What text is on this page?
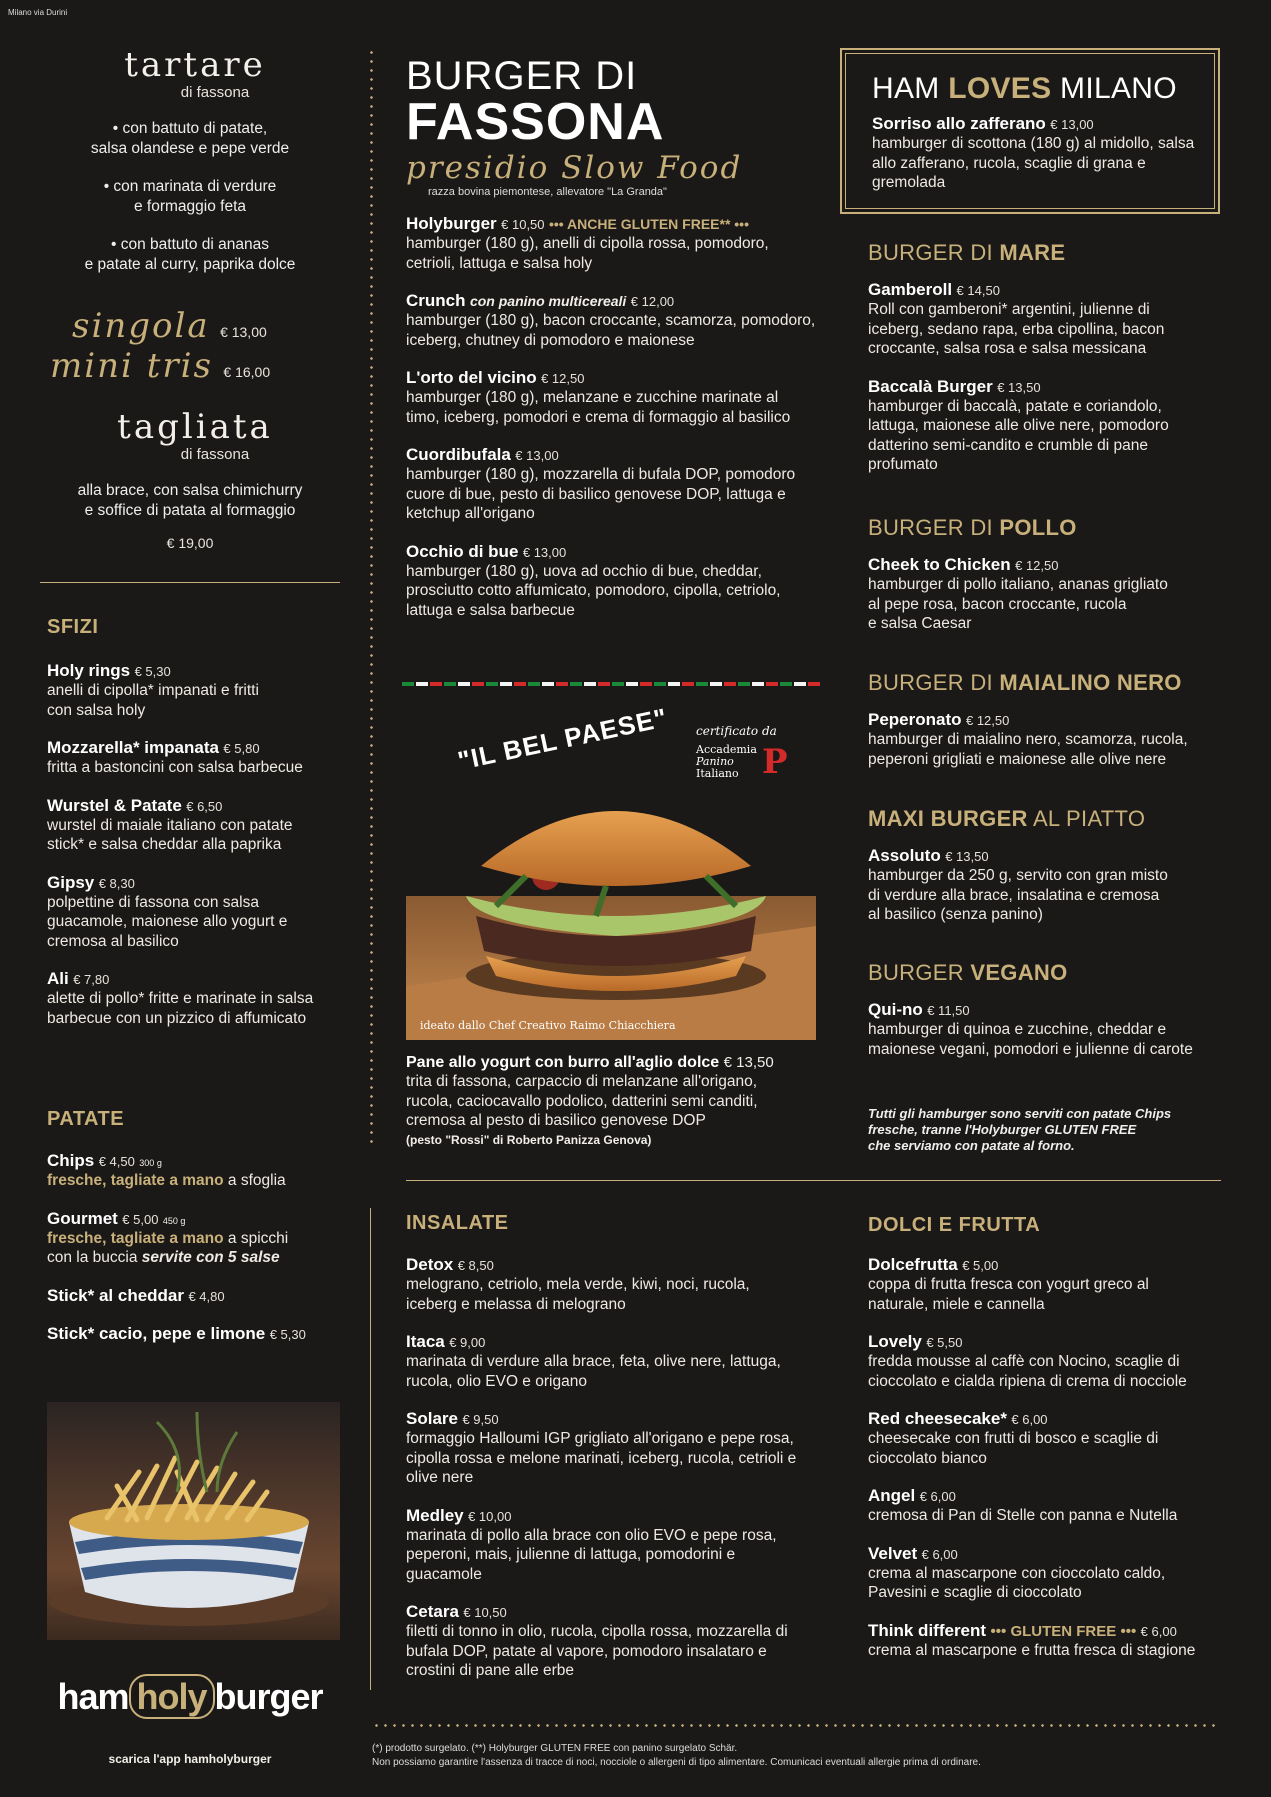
Milano via Durini
tartare
di fassona
• con battuto di patate,
salsa olandese e pepe verde
• con marinata di verdure
e formaggio feta
• con battuto di ananas
e patate al curry, paprika dolce
singola € 13,00
mini tris € 16,00
tagliata
di fassona
alla brace, con salsa chimichurry
e soffice di patata al formaggio
€ 19,00
SFIZI
Holy rings € 5,30
anelli di cipolla* impanati e fritti con salsa holy
Mozzarella* impanata € 5,80
fritta a bastoncini con salsa barbecue
Wurstel & Patate € 6,50
wurstel di maiale italiano con patate stick* e salsa cheddar alla paprika
Gipsy € 8,30
polpettine di fassona con salsa guacamole, maionese allo yogurt e cremosa al basilico
Ali € 7,80
alette di pollo* fritte e marinate in salsa barbecue con un pizzico di affumicato
PATATE
Chips € 4,50 300 g
fresche, tagliate a mano a sfoglia
Gourmet € 5,00 450 g
fresche, tagliate a mano a spicchi
con la buccia servite con 5 salse
Stick* al cheddar € 4,80
Stick* cacio, pepe e limone € 5,30
ham holy burger
scarica l'app hamholyburger
BURGER DI
FASSONA
presidio Slow Food
razza bovina piemontese, allevatore "La Granda"
Holyburger € 10,50 ••• ANCHE GLUTEN FREE** •••
hamburger (180 g), anelli di cipolla rossa, pomodoro, cetrioli, lattuga e salsa holy
Crunch con panino multicereali € 12,00
hamburger (180 g), bacon croccante, scamorza, pomodoro, iceberg, chutney di pomodoro e maionese
L'orto del vicino € 12,50
hamburger (180 g), melanzane e zucchine marinate al timo, iceberg, pomodori e crema di formaggio al basilico
Cuordibufala € 13,00
hamburger (180 g), mozzarella di bufala DOP, pomodoro cuore di bue, pesto di basilico genovese DOP, lattuga e ketchup all'origano
Occhio di bue € 13,00
hamburger (180 g), uova ad occhio di bue, cheddar, prosciutto cotto affumicato, pomodoro, cipolla, cetriolo, lattuga e salsa barbecue
"IL BEL PAESE" certificato da
Accademia
Panino
Italiano P
ideato dallo Chef Creativo Raimo Chiacchiera
Pane allo yogurt con burro all'aglio dolce € 13,50
trita di fassona, carpaccio di melanzane all'origano, rucola, caciocavallo podolico, datterini semi canditi, cremosa al pesto di basilico genovese DOP
(pesto "Rossi" di Roberto Panizza Genova)
HAM LOVES MILANO
Sorriso allo zafferano € 13,00
hamburger di scottona (180 g) al midollo, salsa allo zafferano, rucola, scaglie di grana e gremolada
BURGER DI MARE
Gamberoll € 14,50
Roll con gamberoni* argentini, julienne di iceberg, sedano rapa, erba cipollina, bacon croccante, salsa rosa e salsa messicana
Baccalà Burger € 13,50
hamburger di baccalà, patate e coriandolo, lattuga, maionese alle olive nere, pomodoro datterino semi-candito e crumble di pane profumato
BURGER DI POLLO
Cheek to Chicken € 12,50
hamburger di pollo italiano, ananas grigliato
al pepe rosa, bacon croccante, rucola
e salsa Caesar
BURGER DI MAIALINO NERO
Peperonato € 12,50
hamburger di maialino nero, scamorza, rucola, peperoni grigliati e maionese alle olive nere
MAXI BURGER AL PIATTO
Assoluto € 13,50
hamburger da 250 g, servito con gran misto
di verdure alla brace, insalatina e cremosa
al basilico (senza panino)
BURGER VEGANO
Qui-no € 11,50
hamburger di quinoa e zucchine, cheddar e maionese vegani, pomodori e julienne di carote
Tutti gli hamburger sono serviti con patate Chips
fresche, tranne l'Holyburger GLUTEN FREE
che serviamo con patate al forno.
INSALATE
Detox € 8,50
melograno, cetriolo, mela verde, kiwi, noci, rucola, iceberg e melassa di melograno
Itaca € 9,00
marinata di verdure alla brace, feta, olive nere, lattuga, rucola, olio EVO e origano
Solare € 9,50
formaggio Halloumi IGP grigliato all'origano e pepe rosa, cipolla rossa e melone marinati, iceberg, rucola, cetrioli e olive nere
Medley € 10,00
marinata di pollo alla brace con olio EVO e pepe rosa, peperoni, mais, julienne di lattuga, pomodorini e guacamole
Cetara € 10,50
filetti di tonno in olio, rucola, cipolla rossa, mozzarella di bufala DOP, patate al vapore, pomodoro insalataro e crostini di pane alle erbe
DOLCI E FRUTTA
Dolcefrutta € 5,00
coppa di frutta fresca con yogurt greco al naturale, miele e cannella
Lovely € 5,50
fredda mousse al caffè con Nocino, scaglie di cioccolato e cialda ripiena di crema di nocciole
Red cheesecake* € 6,00
cheesecake con frutti di bosco e scaglie di cioccolato bianco
Angel € 6,00
cremosa di Pan di Stelle con panna e Nutella
Velvet € 6,00
crema al mascarpone con cioccolato caldo, Pavesini e scaglie di cioccolato
Think different ••• GLUTEN FREE ••• € 6,00
crema al mascarpone e frutta fresca di stagione
(*) prodotto surgelato. (**) Holyburger GLUTEN FREE con panino surgelato Schär.
Non possiamo garantire l'assenza di tracce di noci, nocciole o allergeni di tipo alimentare. Comunicaci eventuali allergie prima di ordinare.
